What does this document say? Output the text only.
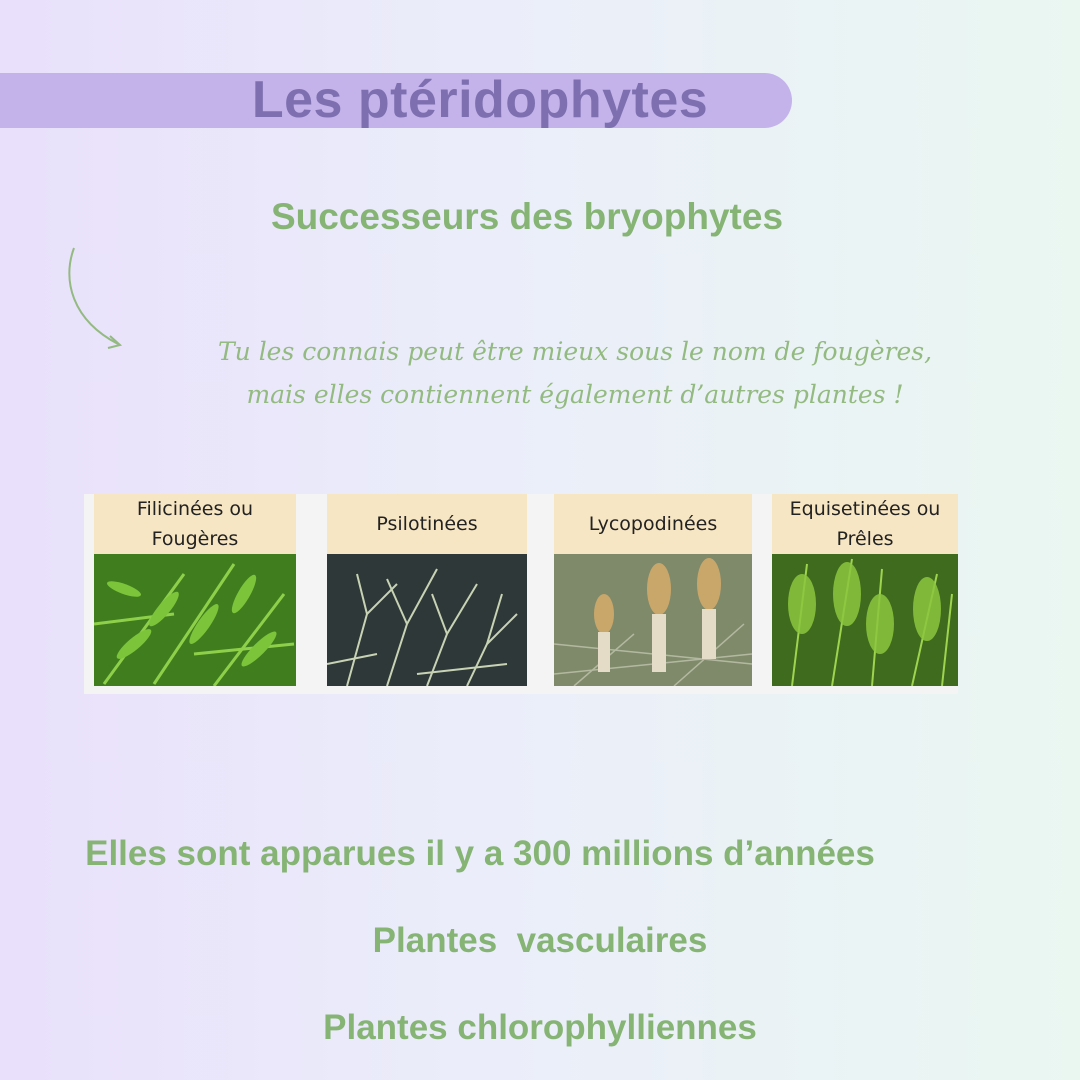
Les ptéridophytes
Successeurs des bryophytes
Tu les connais peut être mieux sous le nom de fougères,
mais elles contiennent également d’autres plantes !
Filicinées ou
Fougères
Psilotinées	Lycopodinées
Equisetinées ou
Prêles
Elles sont apparues il y a 300 millions d’années
Plantes  vasculaires
Plantes chlorophylliennes
